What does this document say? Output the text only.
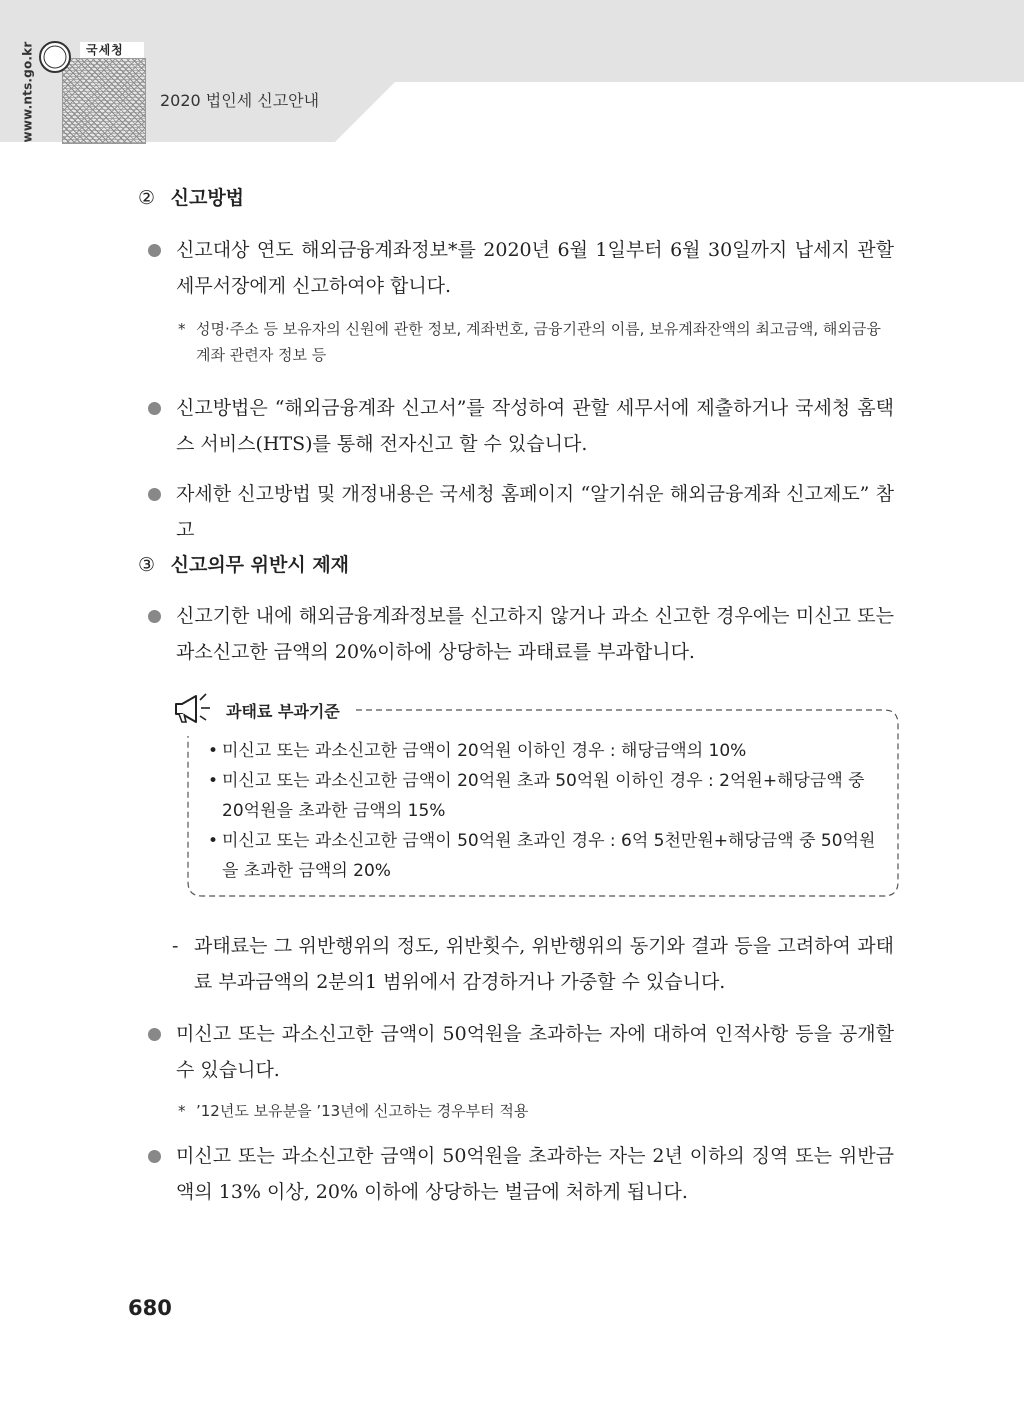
www.nts.go.kr	국세청
2020 법인세 신고안내
② 신고방법
신고대상 연도 해외금융계좌정보*를 2020년 6월 1일부터 6월 30일까지 납세지 관할 세무서장에게 신고하여야 합니다.
* 성명·주소 등 보유자의 신원에 관한 정보, 계좌번호, 금융기관의 이름, 보유계좌잔액의 최고금액, 해외금융계좌 관련자 정보 등
신고방법은 “해외금융계좌 신고서”를 작성하여 관할 세무서에 제출하거나 국세청 홈택스 서비스(HTS)를 통해 전자신고 할 수 있습니다.
자세한 신고방법 및 개정내용은 국세청 홈페이지 “알기쉬운 해외금융계좌 신고제도” 참고
③ 신고의무 위반시 제재
신고기한 내에 해외금융계좌정보를 신고하지 않거나 과소 신고한 경우에는 미신고 또는 과소신고한 금액의 20%이하에 상당하는 과태료를 부과합니다.
과태료 부과기준
• 미신고 또는 과소신고한 금액이 20억원 이하인 경우 : 해당금액의 10%
• 미신고 또는 과소신고한 금액이 20억원 초과 50억원 이하인 경우 : 2억원+해당금액 중 20억원을 초과한 금액의 15%
• 미신고 또는 과소신고한 금액이 50억원 초과인 경우 : 6억 5천만원+해당금액 중 50억원을 초과한 금액의 20%
- 과태료는 그 위반행위의 정도, 위반횟수, 위반행위의 동기와 결과 등을 고려하여 과태료 부과금액의 2분의1 범위에서 감경하거나 가중할 수 있습니다.
미신고 또는 과소신고한 금액이 50억원을 초과하는 자에 대하여 인적사항 등을 공개할 수 있습니다.
* ’12년도 보유분을 ’13년에 신고하는 경우부터 적용
미신고 또는 과소신고한 금액이 50억원을 초과하는 자는 2년 이하의 징역 또는 위반금액의 13% 이상, 20% 이하에 상당하는 벌금에 처하게 됩니다.
680
